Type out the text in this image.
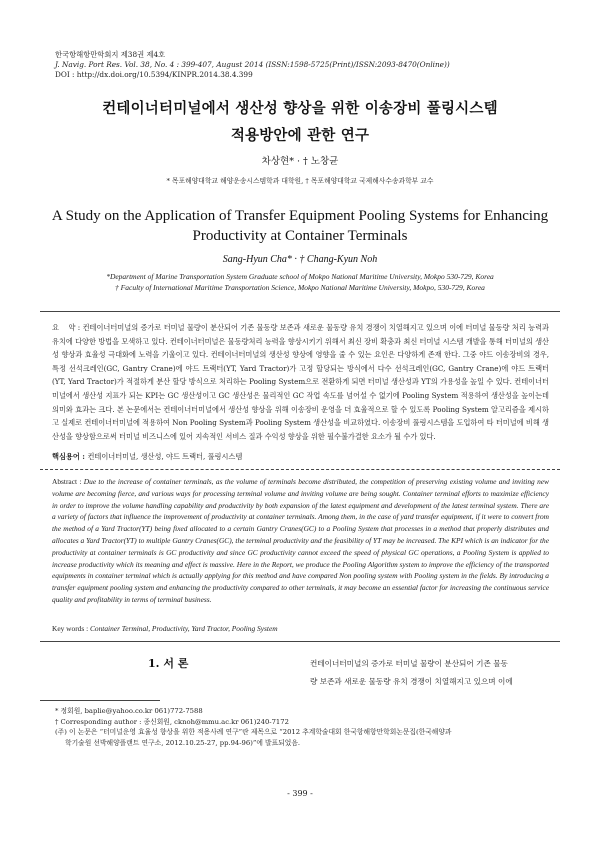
한국항해항만학회지 제38권 제4호
J. Navig. Port Res. Vol. 38, No. 4 : 399-407, August 2014 (ISSN:1598-5725(Print)/ISSN:2093-8470(Online))
DOI : http://dx.doi.org/10.5394/KINPR.2014.38.4.399
컨테이너터미널에서 생산성 향상을 위한 이송장비 풀링시스템
적용방안에 관한 연구
차상현* · † 노창균
* 목포해양대학교 해양운송시스템학과 대학원, † 목포해양대학교 국제해사수송과학부 교수
A Study on the Application of Transfer Equipment Pooling Systems for Enhancing
Productivity at Container Terminals
Sang-Hyun Cha* · † Chang-Kyun Noh
*Department of Marine Transportation System Graduate school of Mokpo National Maritime University, Mokpo 530-729, Korea
† Faculty of International Maritime Transportation Science, Mokpo National Maritime University, Mokpo, 530-729, Korea
요    약 : 컨테이너터미널의 증가로 터미널 물량이 분산되어 기존 물동량 보존과 새로운 물동량 유치 경쟁이 치열해지고 있으며 이에 터미널 물동량 처리 능력과 유치에 다양한 방법을 모색하고 있다. 컨테이너터미널은 물동량처리 능력을 향상시키기 위해서 최신 장비 확충과 최신 터미널 시스템 개발을 통해 터미널의 생산성 향상과 효율성 극대화에 노력을 기울이고 있다. 컨테이너터미널의 생산성 향상에 영향을 줄 수 있는 요인은 다양하게 존재 한다. 그중 야드 이송장비의 경우, 특정 선석크레인(GC, Gantry Crane)에 야드 트랙터(YT, Yard Tractor)가 고정 할당되는 방식에서 다수 선석크레인(GC, Gantry Crane)에 야드 트랙터(YT, Yard Tractor)가 적절하게 분산 할당 방식으로 처리하는 Pooling System으로 전환하게 되면 터미널 생산성과 YT의 가용성을 높일 수 있다. 컨테이너터미널에서 생산성 지표가 되는 KPI는 GC 생산성이고 GC 생산성은 물리적인 GC 작업 속도를 넘어설 수 없기에 Pooling System 적용하여 생산성을 높이는데 의미와 효과는 크다. 본 논문에서는 컨테이너터미널에서 생산성 향상을 위해 이송장비 운영을 더 효율적으로 할 수 있도록 Pooling System 알고리즘을 제시하고 실제로 컨테이너터미널에 적용하여 Non Pooling System과 Pooling System 생산성을 비교하였다. 이송장비 풀링시스템을 도입하여 타 터미널에 비해 생산성을 향상함으로써 터미널 비즈니스에 있어 지속적인 서비스 질과 수익성 향상을 위한 필수불가결한 요소가 될 수가 있다.
핵심용어 : 컨테이너터미널, 생산성, 야드 트랙터, 풀링시스템
Abstract : Due to the increase of container terminals, as the volume of terminals become distributed, the competition of preserving existing volume and inviting new volume are becoming fierce, and various ways for processing terminal volume and inviting volume are being sought. Container terminal efforts to maximize efficiency in order to improve the volume handling capability and productivity by both expansion of the latest equipment and development of the latest terminal system. There are a variety of factors that influence the improvement of productivity at container terminals. Among them, in the case of yard transfer equipment, if it were to convert from the method of a Yard Tractor(YT) being fixed allocated to a certain Gantry Cranes(GC) to a Pooling System that processes in a method that properly distributes and allocates a Yard Tractor(YT) to multiple Gantry Cranes(GC), the terminal productivity and the feasibility of YT may be increased. The KPI which is an indicator for the productivity at container terminals is GC productivity and since GC productivity cannot exceed the speed of physical GC operations, a Pooling System is applied to increase productivity which its meaning and effect is massive. Here in the Report, we produce the Pooling Algorithm system to improve the efficiency of the transported equipments in container terminal which is actually applying for this method and have compared Non pooling system with Pooling system in the fields. By introducing a transfer equipment pooling system and enhancing the productivity compared to other terminals, it may become an essential factor for increasing the continuous service quality and profitability in terms of terminal business.
Key words : Container Terminal, Productivity, Yard Tractor, Pooling System
1. 서 론	컨테이너터미널의 증가로 터미널 물량이 분산되어 기존 물동
량 보존과 새로운 물동량 유치 경쟁이 치열해지고 있으며 이에
* 정회원, baplie@yahoo.co.kr 061)772-7588
† Corresponding author : 종신회원, cknoh@mmu.ac.kr 061)240-7172
(주) 이 논문은 “터미널운영 효율성 향상을 위한 적용사례 연구”란 제목으로 “2012 추계학술대회 한국항해항만학회논문집(한국해양과
학기술원 선박해양플랜트 연구소, 2012.10.25-27, pp.94-96)”에 발표되었음.
- 399 -
